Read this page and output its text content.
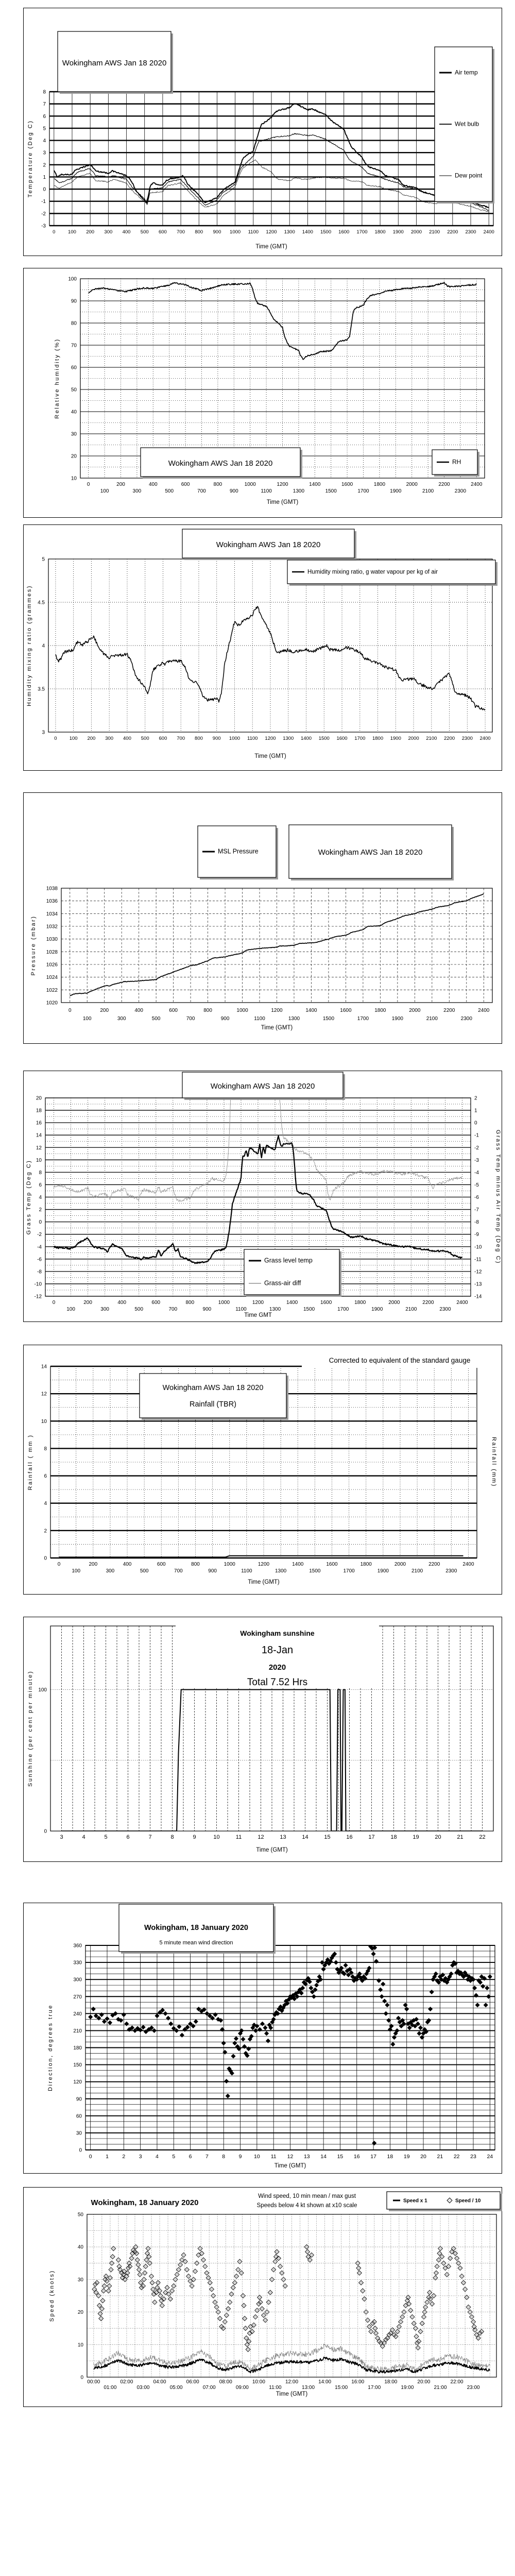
0	100 200 300 400 500 600 700 800 900 1000 1100 1200 1300 1400 1500 1600 1700 1800 1900 2000 2100 2200 2300 2400
Time (GMT)
-3
-2
-1
0
1
2
3
4
5
6
7
8
Temperature (Deg C)
Wokingham AWS Jan 18 2020
Air temp
Wet bulb
Dew point
0
100
200
300
400
500
600
700
800
900
1000
1100
1200
1300
1400
1500
1600
1700
1800
1900
2000
2100
2200
2300
2400
Time (GMT)
10
20
30
40
50
60
70
80
90
100
Relative humidity (%)
Wokingham AWS Jan 18 2020	RH
0	100 200 300 400 500 600 700 800 900 1000 1100 1200 1300 1400 1500 1600 1700 1800 1900 2000 2100 2200 2300 2400
Time (GMT)
3
3.5
4
4.5
5
Humidity mixing ratio (grammes)
Wokingham AWS Jan 18 2020
Humidity mixing ratio, g water vapour per kg of air
0
100
200
300
400
500
600
700
800
900
1000
1100
1200
1300
1400
1500
1600
1700
1800
1900
2000
2100
2200
2300
2400
Time (GMT)
1020
1022
1024
1026
1028
1030
1032
1034
1036
1038
Pressure (mbar)
Wokingham AWS Jan 18 2020
MSL Pressure
0
100
200
300
400
500
600
700
800
900
1000
1100
1200
1300
1400
1500
1600
1700
1800
1900
2000
2100
2200
2300
2400
Time GMT
-12
-10
-8
-6
-4
-2
0
2
4
6
8
10
12
14
16
18
20
Grass Temp (Deg C)
-14
-13
-12
-11
-10
-9
-8
-7
-6
-5
-4
-3
-2
-1
0
1
2
Grass Temp minus Air Temp (Deg C)
Wokingham AWS Jan 18 2020
Grass level temp
Grass-air diff
0
100
200
300
400
500
600
700
800
900
1000
1100
1200
1300
1400
1500
1600
1700
1800
1900
2000
2100
2200
2300
2400
Time (GMT)
0
2
4
6
8
10
12
14
Rainfall ( mm )	Rainfall (mm)
Corrected to equivalent of the standard gauge
Wokingham AWS Jan 18 2020
Rainfall (TBR)
3	4	5	6	7	8	9	10	11	12	13	14	15	16	17	18	19	20	21	22
Time (GMT)
0
100
Sunshine (per cent per minute)
Wokingham sunshine
18-Jan
2020
Total 7.52 Hrs
0	1	2	3	4	5	6	7	8	9 10 11 12 13 14 15 16 17 18 19 20 21 22 23 24
Time (GMT)
0
30
60
90
120
150
180
210
240
270
300
330
360
Direction, degrees true
Wokingham, 18 January 2020
5 minute mean wind direction
00:00
01:00
02:00
03:00
04:00
05:00
06:00
07:00
08:00
09:00
10:00
11:00
12:00
13:00
14:00
15:00
16:00
17:00
18:00
19:00
20:00
21:00
22:00
23:00
Time (GMT)
0
10
20
30
40
50
Speed (knots)
Speed x 1	Speed / 10
Wokingham, 18 January 2020
Wind speed, 10 min mean / max gust
Speeds below 4 kt shown at x10 scale
